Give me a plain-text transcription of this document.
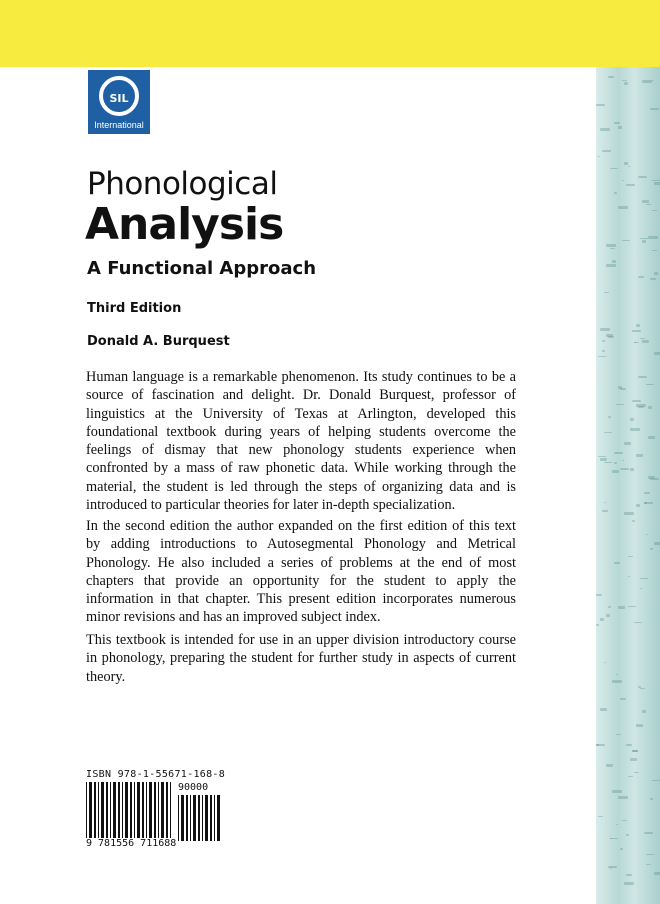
SIL
International
Phonological
Analysis
A Functional Approach
Third Edition
Donald A. Burquest

Human language is a remarkable phenomenon. Its study continues to be a source of fascination and delight. Dr. Donald Burquest, professor of linguistics at the University of Texas at Arlington, developed this foundational textbook during years of helping students overcome the feelings of dismay that new phonology students experience when confronted by a mass of raw phonetic data. While working through the material, the student is led through the steps of organizing data and is introduced to particular theories for later in-depth specialization.

In the second edition the author expanded on the first edition of this text by adding introductions to Autosegmental Phonology and Metrical Phonology. He also included a series of problems at the end of most chapters that provide an opportunity for the student to apply the information in that chapter. This present edition incorporates numerous minor revisions and has an improved subject index.

This textbook is intended for use in an upper division introductory course in phonology, preparing the student for further study in aspects of current theory.

ISBN 978-1-55671-168-8
90000
9 781556 711688
